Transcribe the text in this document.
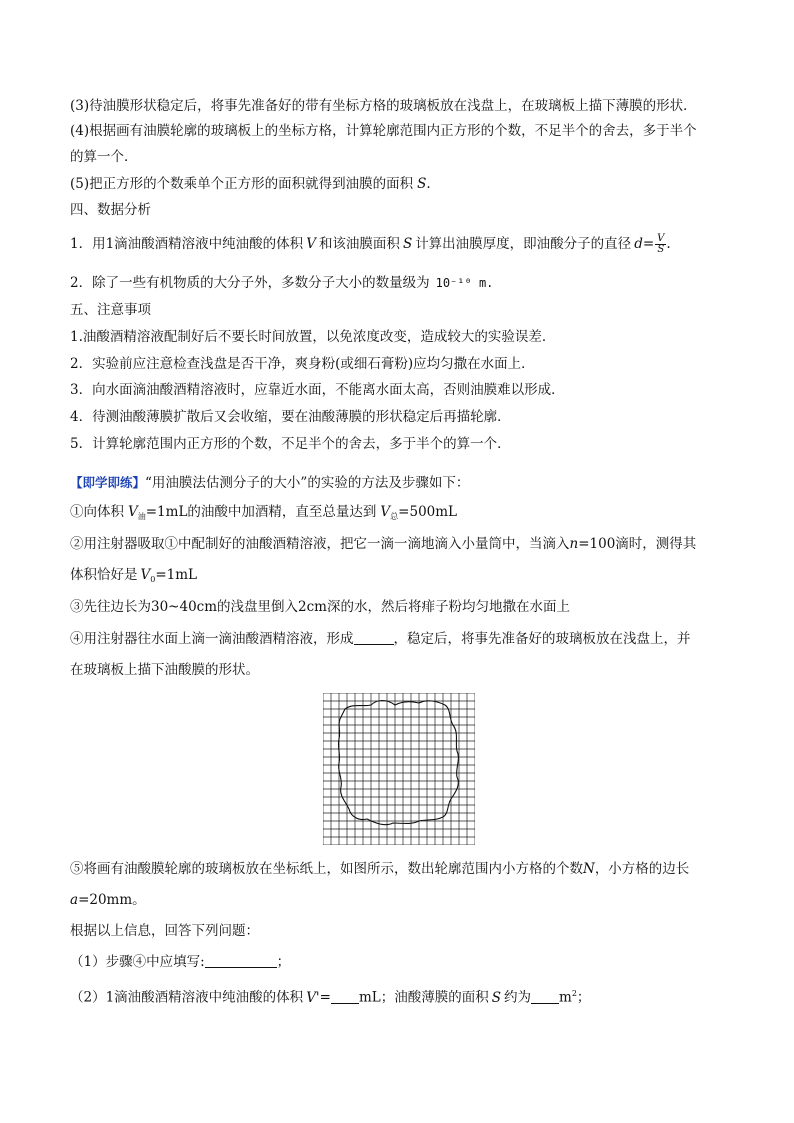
(3)待油膜形状稳定后，将事先准备好的带有坐标方格的玻璃板放在浅盘上，在玻璃板上描下薄膜的形状．
(4)根据画有油膜轮廓的玻璃板上的坐标方格，计算轮廓范围内正方形的个数，不足半个的舍去，多于半个
的算一个．
(5)把正方形的个数乘单个正方形的面积就得到油膜的面积 S.
四、数据分析
1．用1滴油酸酒精溶液中纯油酸的体积 V 和该油膜面积 S 计算出油膜厚度，即油酸分子的直径 $d= \frac{V}{S}$ .
2．除了一些有机物质的大分子外，多数分子大小的数量级为 10⁻¹⁰ m.
五、注意事项
1.油酸酒精溶液配制好后不要长时间放置，以免浓度改变，造成较大的实验误差．
2．实验前应注意检查浅盘是否干净，爽身粉(或细石膏粉)应均匀撒在水面上．
3．向水面滴油酸酒精溶液时，应靠近水面，不能离水面太高，否则油膜难以形成．
4．待测油酸薄膜扩散后又会收缩，要在油酸薄膜的形状稳定后再描轮廓．
5．计算轮廓范围内正方形的个数，不足半个的舍去，多于半个的算一个．
【即学即练】“用油膜法估测分子的大小”的实验的方法及步骤如下：
①向体积 $V_油=1mL$的油酸中加酒精，直至总量达到 $V_总=500mL$
②用注射器吸取①中配制好的油酸酒精溶液，把它一滴一滴地滴入小量筒中，当滴入n=100滴时，测得其
体积恰好是 $V_0=1mL$
③先往边长为30~40cm的浅盘里倒入2cm深的水，然后将痱子粉均匀地撒在水面上
④用注射器往水面上滴一滴油酸酒精溶液，形成	，稳定后，将事先准备好的玻璃板放在浅盘上，并
在玻璃板上描下油酸膜的形状。
⑤将画有油酸膜轮廓的玻璃板放在坐标纸上，如图所示，数出轮廓范围内小方格的个数N，小方格的边长
a=20mm。
根据以上信息，回答下列问题：
（1）步骤④中应填写:	；
（2）1滴油酸酒精溶液中纯油酸的体积 V'= mL；油酸薄膜的面积 S 约为 $m^2$；
